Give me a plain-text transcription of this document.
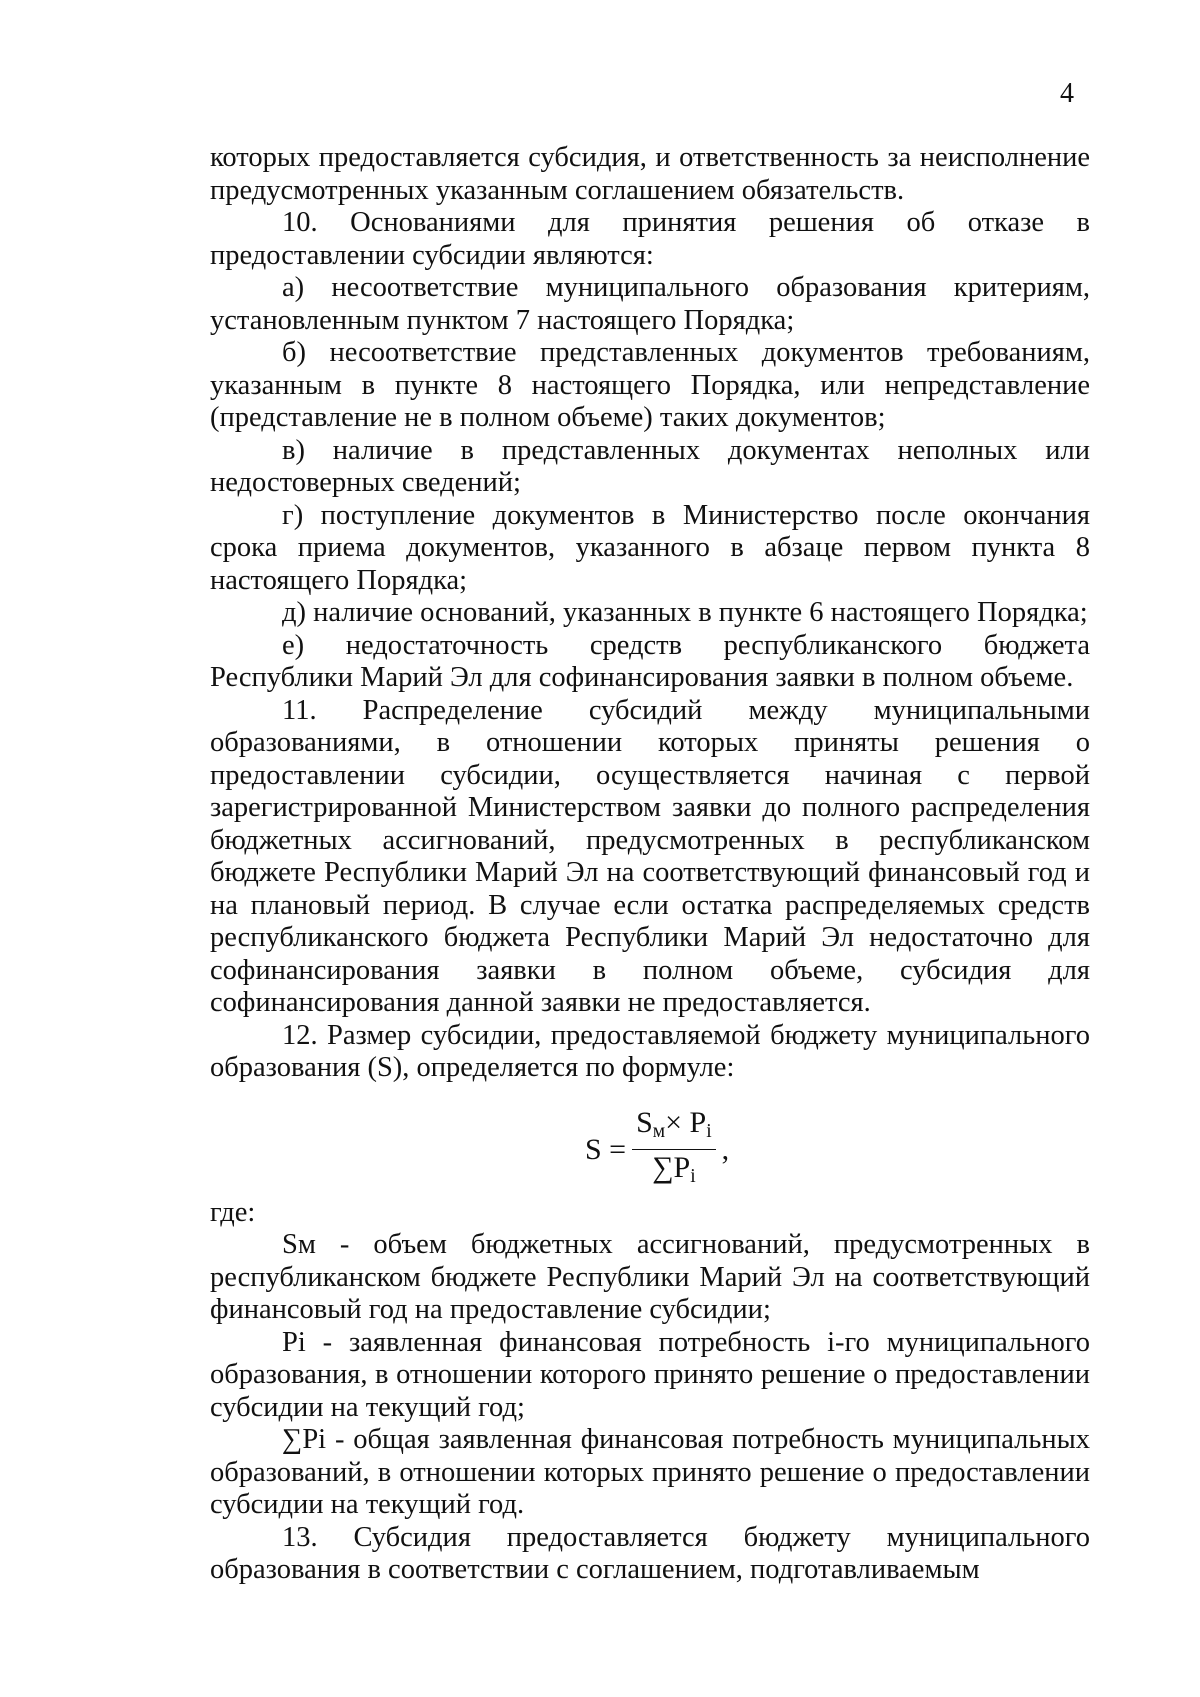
4

которых предоставляется субсидия, и ответственность за неисполнение предусмотренных указанным соглашением обязательств.

10. Основаниями для принятия решения об отказе в предоставлении субсидии являются:

а) несоответствие муниципального образования критериям, установленным пунктом 7 настоящего Порядка;

б) несоответствие представленных документов требованиям, указанным в пункте 8 настоящего Порядка, или непредставление (представление не в полном объеме) таких документов;

в) наличие в представленных документах неполных или недостоверных сведений;

г) поступление документов в Министерство после окончания срока приема документов, указанного в абзаце первом пункта 8 настоящего Порядка;

д) наличие оснований, указанных в пункте 6 настоящего Порядка;

е) недостаточность средств республиканского бюджета Республики Марий Эл для софинансирования заявки в полном объеме.

11. Распределение субсидий между муниципальными образованиями, в отношении которых приняты решения о предоставлении субсидии, осуществляется начиная с первой зарегистрированной Министерством заявки до полного распределения бюджетных ассигнований, предусмотренных в республиканском бюджете Республики Марий Эл на соответствующий финансовый год и на плановый период. В случае если остатка распределяемых средств республиканского бюджета Республики Марий Эл недостаточно для софинансирования заявки в полном объеме, субсидия для софинансирования данной заявки не предоставляется.

12. Размер субсидии, предоставляемой бюджету муниципального образования (S), определяется по формуле:

$S = \frac{S_м\times P_i}{\sum P_i}$ ,

где:

Sм - объем бюджетных ассигнований, предусмотренных в республиканском бюджете Республики Марий Эл на соответствующий финансовый год на предоставление субсидии;

Pi - заявленная финансовая потребность i-го муниципального образования, в отношении которого принято решение о предоставлении субсидии на текущий год;

∑Pi - общая заявленная финансовая потребность муниципальных образований, в отношении которых принято решение о предоставлении субсидии на текущий год.

13. Субсидия предоставляется бюджету муниципального образования в соответствии с соглашением, подготавливаемым
